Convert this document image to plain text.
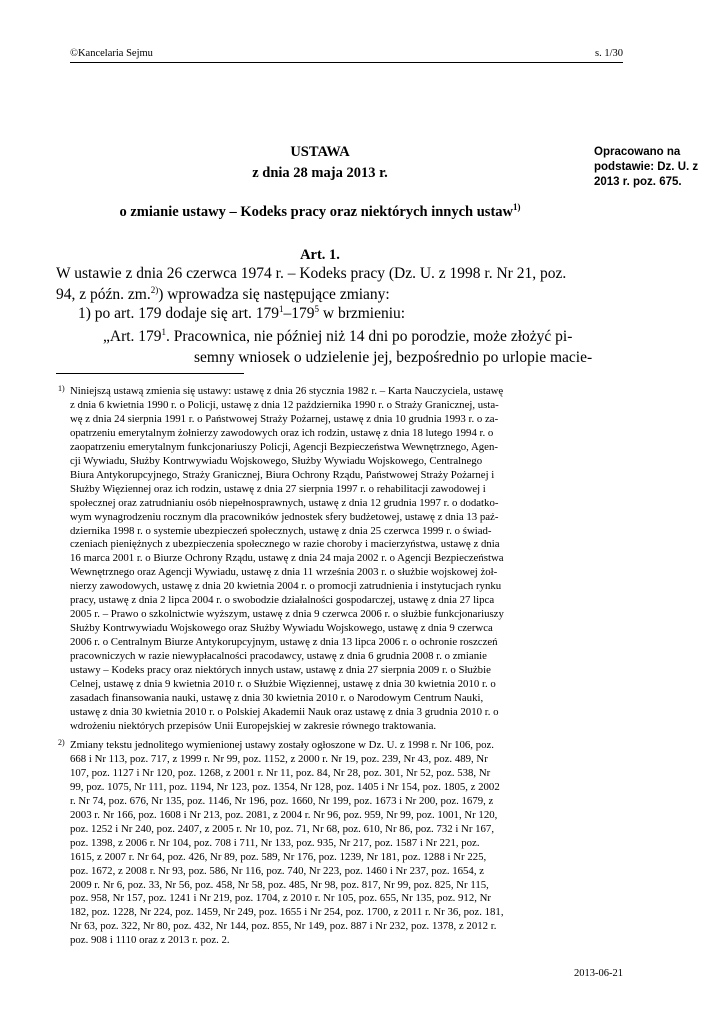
©Kancelaria Sejmu	s. 1/30
Opracowano na
podstawie: Dz. U. z
2013 r. poz. 675.
USTAWA
z dnia 28 maja 2013 r.
o zmianie ustawy – Kodeks pracy oraz niektórych innych ustaw$^{1)}$
Art. 1.
W ustawie z dnia 26 czerwca 1974 r. – Kodeks pracy (Dz. U. z 1998 r. Nr 21, poz.
94, z późn. zm.$^{2)}$) wprowadza się następujące zmiany:
1) po art. 179 dodaje się art. $179^1-179^5$ w brzmieniu:
„Art. $179^1$. Pracownica, nie później niż 14 dni po porodzie, może złożyć pi-
semny wniosek o udzielenie jej, bezpośrednio po urlopie macie-
1) Niniejszą ustawą zmienia się ustawy: ustawę z dnia 26 stycznia 1982 r. – Karta Nauczyciela, ustawę
z dnia 6 kwietnia 1990 r. o Policji, ustawę z dnia 12 października 1990 r. o Straży Granicznej, usta-
wę z dnia 24 sierpnia 1991 r. o Państwowej Straży Pożarnej, ustawę z dnia 10 grudnia 1993 r. o za-
opatrzeniu emerytalnym żołnierzy zawodowych oraz ich rodzin, ustawę z dnia 18 lutego 1994 r. o
zaopatrzeniu emerytalnym funkcjonariuszy Policji, Agencji Bezpieczeństwa Wewnętrznego, Agen-
cji Wywiadu, Służby Kontrwywiadu Wojskowego, Służby Wywiadu Wojskowego, Centralnego
Biura Antykorupcyjnego, Straży Granicznej, Biura Ochrony Rządu, Państwowej Straży Pożarnej i
Służby Więziennej oraz ich rodzin, ustawę z dnia 27 sierpnia 1997 r. o rehabilitacji zawodowej i
społecznej oraz zatrudnianiu osób niepełnosprawnych, ustawę z dnia 12 grudnia 1997 r. o dodatko-
wym wynagrodzeniu rocznym dla pracowników jednostek sfery budżetowej, ustawę z dnia 13 paź-
dziernika 1998 r. o systemie ubezpieczeń społecznych, ustawę z dnia 25 czerwca 1999 r. o świad-
czeniach pieniężnych z ubezpieczenia społecznego w razie choroby i macierzyństwa, ustawę z dnia
16 marca 2001 r. o Biurze Ochrony Rządu, ustawę z dnia 24 maja 2002 r. o Agencji Bezpieczeństwa
Wewnętrznego oraz Agencji Wywiadu, ustawę z dnia 11 września 2003 r. o służbie wojskowej żoł-
nierzy zawodowych, ustawę z dnia 20 kwietnia 2004 r. o promocji zatrudnienia i instytucjach rynku
pracy, ustawę z dnia 2 lipca 2004 r. o swobodzie działalności gospodarczej, ustawę z dnia 27 lipca
2005 r. – Prawo o szkolnictwie wyższym, ustawę z dnia 9 czerwca 2006 r. o służbie funkcjonariuszy
Służby Kontrwywiadu Wojskowego oraz Służby Wywiadu Wojskowego, ustawę z dnia 9 czerwca
2006 r. o Centralnym Biurze Antykorupcyjnym, ustawę z dnia 13 lipca 2006 r. o ochronie roszczeń
pracowniczych w razie niewypłacalności pracodawcy, ustawę z dnia 6 grudnia 2008 r. o zmianie
ustawy – Kodeks pracy oraz niektórych innych ustaw, ustawę z dnia 27 sierpnia 2009 r. o Służbie
Celnej, ustawę z dnia 9 kwietnia 2010 r. o Służbie Więziennej, ustawę z dnia 30 kwietnia 2010 r. o
zasadach finansowania nauki, ustawę z dnia 30 kwietnia 2010 r. o Narodowym Centrum Nauki,
ustawę z dnia 30 kwietnia 2010 r. o Polskiej Akademii Nauk oraz ustawę z dnia 3 grudnia 2010 r. o
wdrożeniu niektórych przepisów Unii Europejskiej w zakresie równego traktowania.
2) Zmiany tekstu jednolitego wymienionej ustawy zostały ogłoszone w Dz. U. z 1998 r. Nr 106, poz.
668 i Nr 113, poz. 717, z 1999 r. Nr 99, poz. 1152, z 2000 r. Nr 19, poz. 239, Nr 43, poz. 489, Nr
107, poz. 1127 i Nr 120, poz. 1268, z 2001 r. Nr 11, poz. 84, Nr 28, poz. 301, Nr 52, poz. 538, Nr
99, poz. 1075, Nr 111, poz. 1194, Nr 123, poz. 1354, Nr 128, poz. 1405 i Nr 154, poz. 1805, z 2002
r. Nr 74, poz. 676, Nr 135, poz. 1146, Nr 196, poz. 1660, Nr 199, poz. 1673 i Nr 200, poz. 1679, z
2003 r. Nr 166, poz. 1608 i Nr 213, poz. 2081, z 2004 r. Nr 96, poz. 959, Nr 99, poz. 1001, Nr 120,
poz. 1252 i Nr 240, poz. 2407, z 2005 r. Nr 10, poz. 71, Nr 68, poz. 610, Nr 86, poz. 732 i Nr 167,
poz. 1398, z 2006 r. Nr 104, poz. 708 i 711, Nr 133, poz. 935, Nr 217, poz. 1587 i Nr 221, poz.
1615, z 2007 r. Nr 64, poz. 426, Nr 89, poz. 589, Nr 176, poz. 1239, Nr 181, poz. 1288 i Nr 225,
poz. 1672, z 2008 r. Nr 93, poz. 586, Nr 116, poz. 740, Nr 223, poz. 1460 i Nr 237, poz. 1654, z
2009 r. Nr 6, poz. 33, Nr 56, poz. 458, Nr 58, poz. 485, Nr 98, poz. 817, Nr 99, poz. 825, Nr 115,
poz. 958, Nr 157, poz. 1241 i Nr 219, poz. 1704, z 2010 r. Nr 105, poz. 655, Nr 135, poz. 912, Nr
182, poz. 1228, Nr 224, poz. 1459, Nr 249, poz. 1655 i Nr 254, poz. 1700, z 2011 r. Nr 36, poz. 181,
Nr 63, poz. 322, Nr 80, poz. 432, Nr 144, poz. 855, Nr 149, poz. 887 i Nr 232, poz. 1378, z 2012 r.
poz. 908 i 1110 oraz z 2013 r. poz. 2.
2013-06-21
